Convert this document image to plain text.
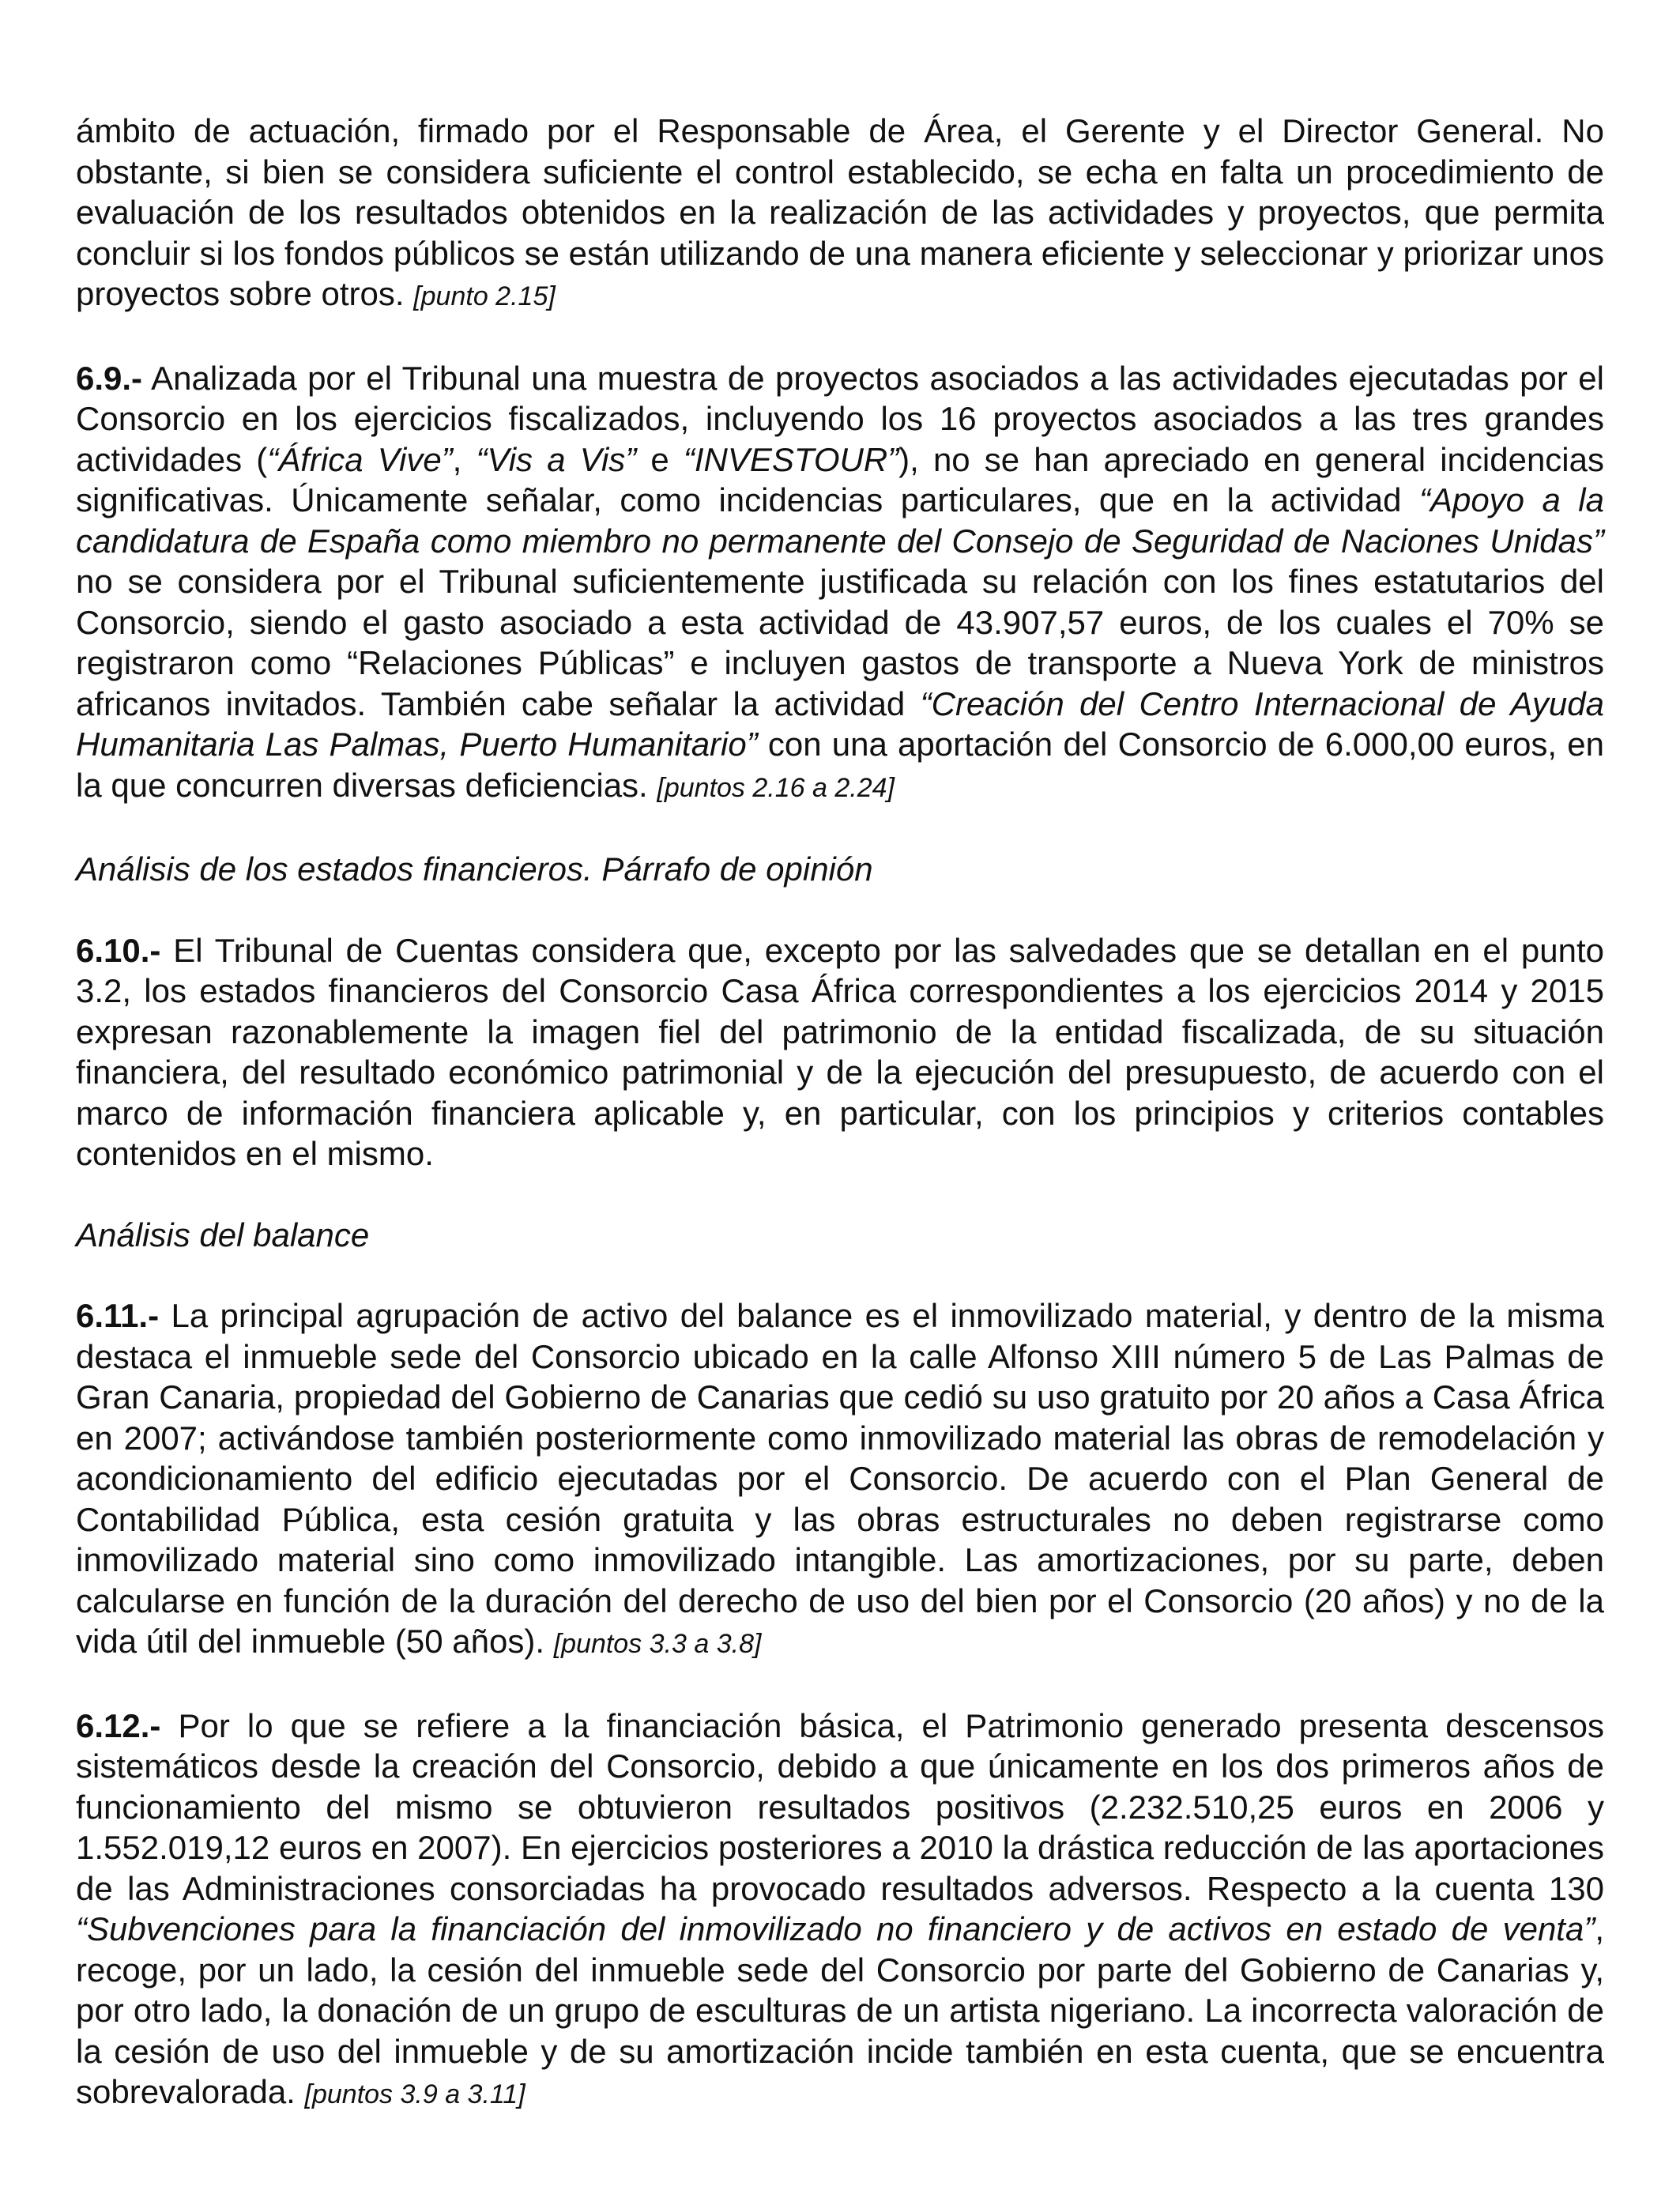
ámbito de actuación, firmado por el Responsable de Área, el Gerente y el Director General. No obstante, si bien se considera suficiente el control establecido, se echa en falta un procedimiento de evaluación de los resultados obtenidos en la realización de las actividades y proyectos, que permita concluir si los fondos públicos se están utilizando de una manera eficiente y seleccionar y priorizar unos proyectos sobre otros. [punto 2.15]

6.9.- Analizada por el Tribunal una muestra de proyectos asociados a las actividades ejecutadas por el Consorcio en los ejercicios fiscalizados, incluyendo los 16 proyectos asociados a las tres grandes actividades (“África Vive”, “Vis a Vis” e “INVESTOUR”), no se han apreciado en general incidencias significativas. Únicamente señalar, como incidencias particulares, que en la actividad “Apoyo a la candidatura de España como miembro no permanente del Consejo de Seguridad de Naciones Unidas” no se considera por el Tribunal suficientemente justificada su relación con los fines estatutarios del Consorcio, siendo el gasto asociado a esta actividad de 43.907,57 euros, de los cuales el 70% se registraron como “Relaciones Públicas” e incluyen gastos de transporte a Nueva York de ministros africanos invitados. También cabe señalar la actividad “Creación del Centro Internacional de Ayuda Humanitaria Las Palmas, Puerto Humanitario” con una aportación del Consorcio de 6.000,00 euros, en la que concurren diversas deficiencias. [puntos 2.16 a 2.24]

Análisis de los estados financieros. Párrafo de opinión

6.10.- El Tribunal de Cuentas considera que, excepto por las salvedades que se detallan en el punto 3.2, los estados financieros del Consorcio Casa África correspondientes a los ejercicios 2014 y 2015 expresan razonablemente la imagen fiel del patrimonio de la entidad fiscalizada, de su situación financiera, del resultado económico patrimonial y de la ejecución del presupuesto, de acuerdo con el marco de información financiera aplicable y, en particular, con los principios y criterios contables contenidos en el mismo.

Análisis del balance

6.11.- La principal agrupación de activo del balance es el inmovilizado material, y dentro de la misma destaca el inmueble sede del Consorcio ubicado en la calle Alfonso XIII número 5 de Las Palmas de Gran Canaria, propiedad del Gobierno de Canarias que cedió su uso gratuito por 20 años a Casa África en 2007; activándose también posteriormente como inmovilizado material las obras de remodelación y acondicionamiento del edificio ejecutadas por el Consorcio. De acuerdo con el Plan General de Contabilidad Pública, esta cesión gratuita y las obras estructurales no deben registrarse como inmovilizado material sino como inmovilizado intangible. Las amortizaciones, por su parte, deben calcularse en función de la duración del derecho de uso del bien por el Consorcio (20 años) y no de la vida útil del inmueble (50 años). [puntos 3.3 a 3.8]

6.12.- Por lo que se refiere a la financiación básica, el Patrimonio generado presenta descensos sistemáticos desde la creación del Consorcio, debido a que únicamente en los dos primeros años de funcionamiento del mismo se obtuvieron resultados positivos (2.232.510,25 euros en 2006 y 1.552.019,12 euros en 2007). En ejercicios posteriores a 2010 la drástica reducción de las aportaciones de las Administraciones consorciadas ha provocado resultados adversos. Respecto a la cuenta 130 “Subvenciones para la financiación del inmovilizado no financiero y de activos en estado de venta”, recoge, por un lado, la cesión del inmueble sede del Consorcio por parte del Gobierno de Canarias y, por otro lado, la donación de un grupo de esculturas de un artista nigeriano. La incorrecta valoración de la cesión de uso del inmueble y de su amortización incide también en esta cuenta, que se encuentra sobrevalorada. [puntos 3.9 a 3.11]
